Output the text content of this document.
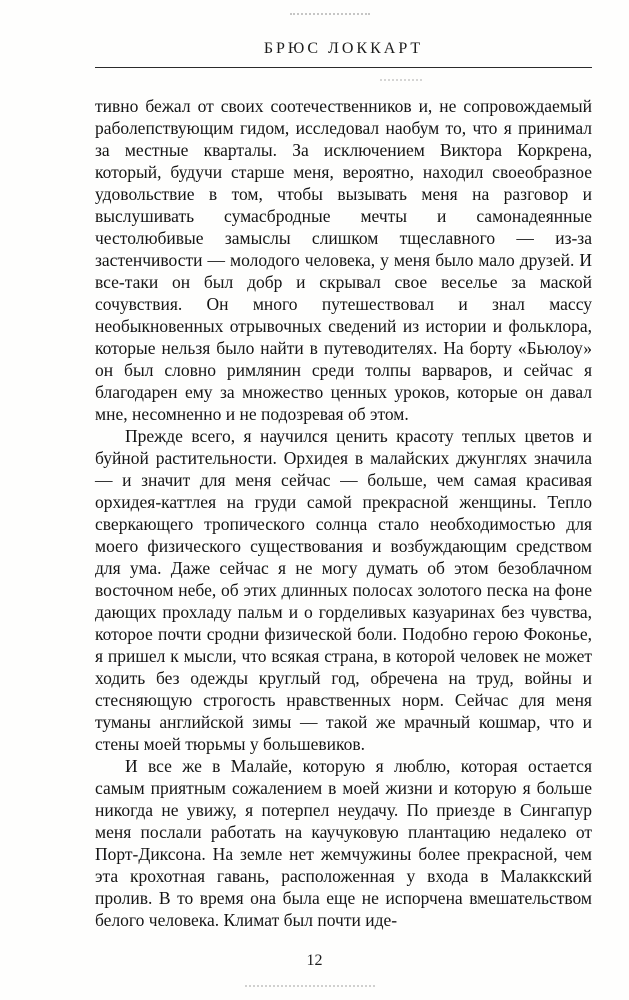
БРЮС ЛОККАРТ

тивно бежал от своих соотечественников и, не сопровождаемый раболепствующим гидом, исследовал наобум то, что я принимал за местные кварталы. За исключением Виктора Коркрена, который, будучи старше меня, вероятно, находил своеобразное удовольствие в том, чтобы вызывать меня на разговор и выслушивать сумасбродные мечты и самонадеянные честолюбивые замыслы слишком тщеславного — из-за застенчивости — молодого человека, у меня было мало друзей. И все-таки он был добр и скрывал свое веселье за маской сочувствия. Он много путешествовал и знал массу необыкновенных отрывочных сведений из истории и фольклора, которые нельзя было найти в путеводителях. На борту «Бьюлоу» он был словно римлянин среди толпы варваров, и сейчас я благодарен ему за множество ценных уроков, которые он давал мне, несомненно и не подозревая об этом.

Прежде всего, я научился ценить красоту теплых цветов и буйной растительности. Орхидея в малайских джунглях значила — и значит для меня сейчас — больше, чем самая красивая орхидея-каттлея на груди самой прекрасной женщины. Тепло сверкающего тропического солнца стало необходимостью для моего физического существования и возбуждающим средством для ума. Даже сейчас я не могу думать об этом безоблачном восточном небе, об этих длинных полосах золотого песка на фоне дающих прохладу пальм и о горделивых казуаринах без чувства, которое почти сродни физической боли. Подобно герою Фоконье, я пришел к мысли, что всякая страна, в которой человек не может ходить без одежды круглый год, обречена на труд, войны и стесняющую строгость нравственных норм. Сейчас для меня туманы английской зимы — такой же мрачный кошмар, что и стены моей тюрьмы у большевиков.

И все же в Малайе, которую я люблю, которая остается самым приятным сожалением в моей жизни и которую я больше никогда не увижу, я потерпел неудачу. По приезде в Сингапур меня послали работать на каучуковую плантацию недалеко от Порт-Диксона. На земле нет жемчужины более прекрасной, чем эта крохотная гавань, расположенная у входа в Малаккский пролив. В то время она была еще не испорчена вмешательством белого человека. Климат был почти иде-

12
